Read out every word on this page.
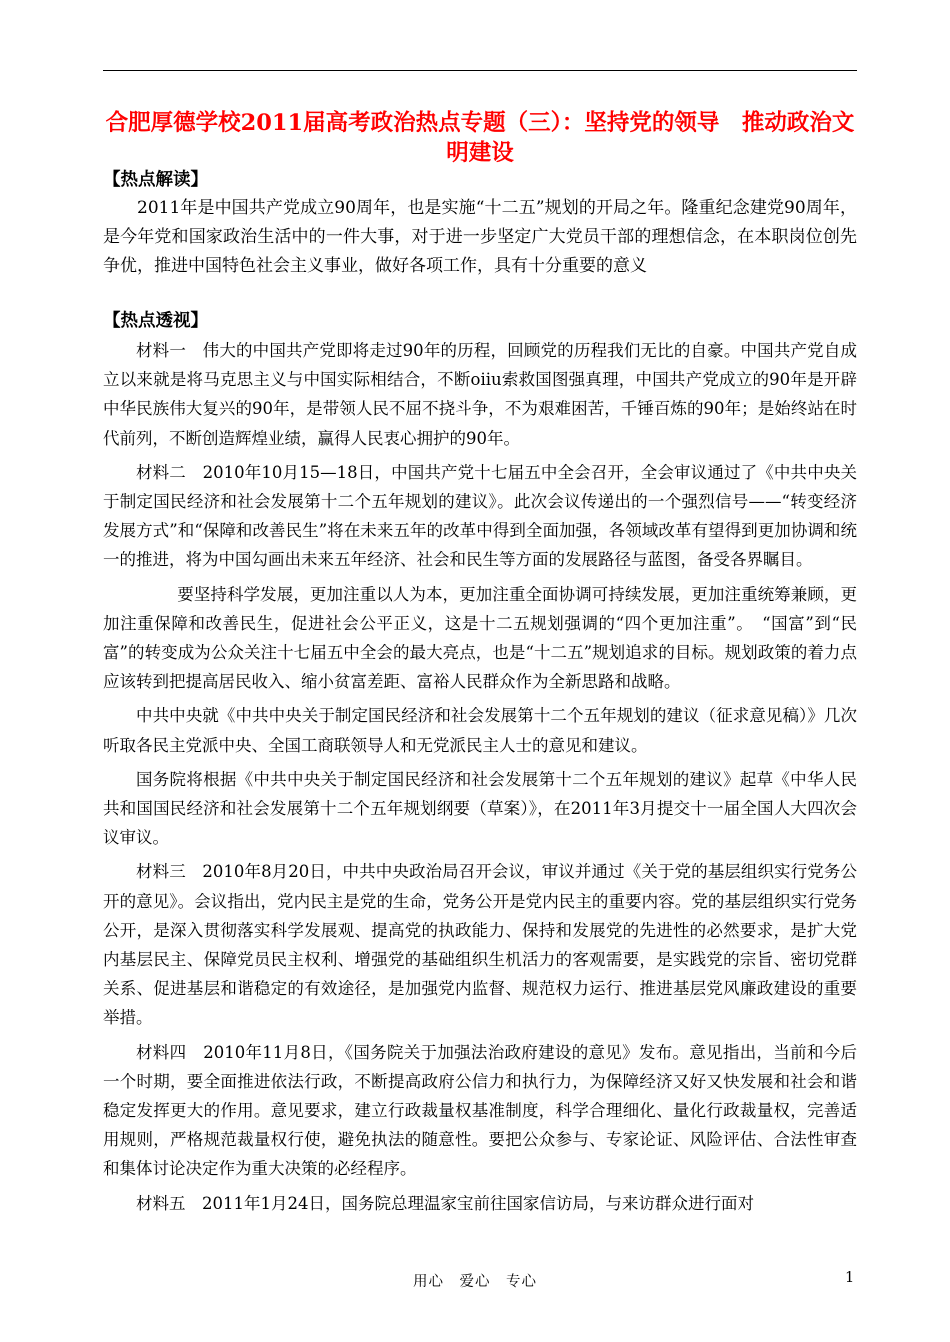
合肥厚德学校2011届高考政治热点专题（三）：坚持党的领导　推动政治文明建设
【热点解读】

2011年是中国共产党成立90周年，也是实施“十二五”规划的开局之年。隆重纪念建党90周年，是今年党和国家政治生活中的一件大事，对于进一步坚定广大党员干部的理想信念，在本职岗位创先争优，推进中国特色社会主义事业，做好各项工作，具有十分重要的意义

【热点透视】

材料一　伟大的中国共产党即将走过90年的历程，回顾党的历程我们无比的自豪。中国共产党自成立以来就是将马克思主义与中国实际相结合，不断oiiu索救国图强真理，中国共产党成立的90年是开辟中华民族伟大复兴的90年，是带领人民不屈不挠斗争，不为艰难困苦，千锤百炼的90年；是始终站在时代前列，不断创造辉煌业绩，赢得人民衷心拥护的90年。

材料二　2010年10月15—18日，中国共产党十七届五中全会召开，全会审议通过了《中共中央关于制定国民经济和社会发展第十二个五年规划的建议》。此次会议传递出的一个强烈信号——“转变经济发展方式”和“保障和改善民生”将在未来五年的改革中得到全面加强，各领域改革有望得到更加协调和统一的推进，将为中国勾画出未来五年经济、社会和民生等方面的发展路径与蓝图，备受各界瞩目。

要坚持科学发展，更加注重以人为本，更加注重全面协调可持续发展，更加注重统筹兼顾，更加注重保障和改善民生，促进社会公平正义，这是十二五规划强调的“四个更加注重”。　“国富”到“民富”的转变成为公众关注十七届五中全会的最大亮点，也是“十二五”规划追求的目标。规划政策的着力点应该转到把提高居民收入、缩小贫富差距、富裕人民群众作为全新思路和战略。

中共中央就《中共中央关于制定国民经济和社会发展第十二个五年规划的建议（征求意见稿）》几次听取各民主党派中央、全国工商联领导人和无党派民主人士的意见和建议。

国务院将根据《中共中央关于制定国民经济和社会发展第十二个五年规划的建议》起草《中华人民共和国国民经济和社会发展第十二个五年规划纲要（草案）》，在2011年3月提交十一届全国人大四次会议审议。

材料三　2010年8月20日，中共中央政治局召开会议，审议并通过《关于党的基层组织实行党务公开的意见》。会议指出，党内民主是党的生命，党务公开是党内民主的重要内容。党的基层组织实行党务公开，是深入贯彻落实科学发展观、提高党的执政能力、保持和发展党的先进性的必然要求，是扩大党内基层民主、保障党员民主权利、增强党的基础组织生机活力的客观需要，是实践党的宗旨、密切党群关系、促进基层和谐稳定的有效途径，是加强党内监督、规范权力运行、推进基层党风廉政建设的重要举措。

材料四　2010年11月8日，《国务院关于加强法治政府建设的意见》发布。意见指出，当前和今后一个时期，要全面推进依法行政，不断提高政府公信力和执行力，为保障经济又好又快发展和社会和谐稳定发挥更大的作用。意见要求，建立行政裁量权基准制度，科学合理细化、量化行政裁量权，完善适用规则，严格规范裁量权行使，避免执法的随意性。要把公众参与、专家论证、风险评估、合法性审查和集体讨论决定作为重大决策的必经程序。

材料五　2011年1月24日，国务院总理温家宝前往国家信访局，与来访群众进行面对

用心　爱心　专心	1
